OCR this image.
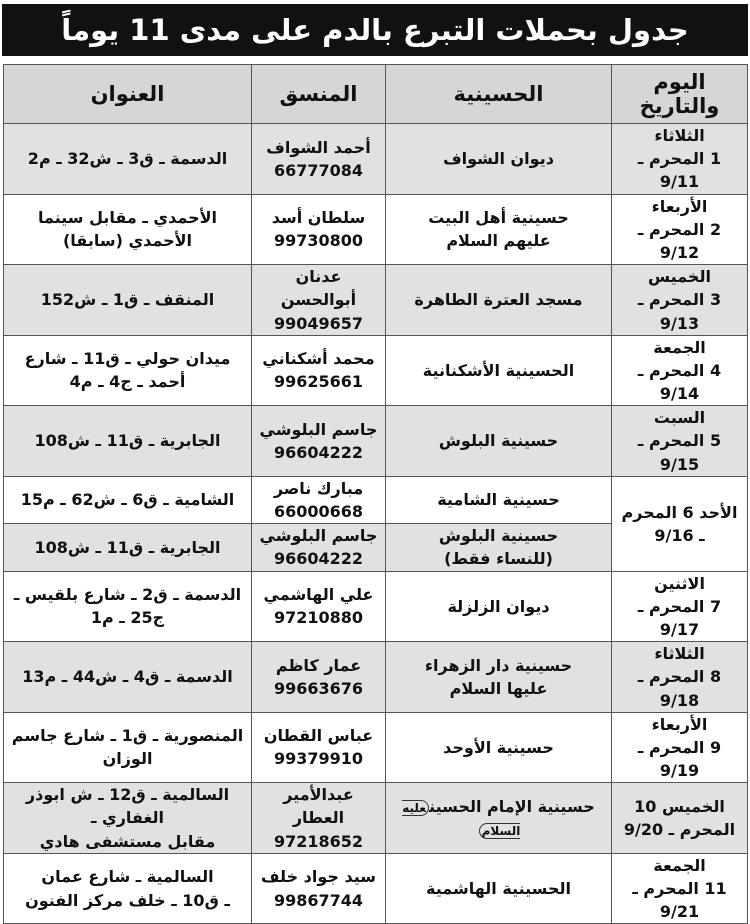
جدول بحملات التبرع بالدم على مدى 11 يوماً
اليوم والتاريخ	الحسينية	المنسق	العنوان

الثلاثاء
1 المحرم ـ 9/11	ديوان الشواف	أحمد الشواف
66777084	الدسمة ـ ق3 ـ ش32 ـ م2

الأربعاء
2 المحرم ـ 9/12	حسينية أهل البيت
عليهم السلام	سلطان أسد
99730800	الأحمدي ـ مقابل سينما
الأحمدي (سابقا)

الخميس
3 المحرم ـ 9/13	مسجد العترة الطاهرة	عدنان أبوالحسن
99049657	المنقف ـ ق1 ـ ش152

الجمعة
4 المحرم ـ 9/14	الحسينية الأشكنانية	محمد أشكناني
99625661	ميدان حولي ـ ق11 ـ شارع
أحمد ـ ج4 ـ م4

السبت
5 المحرم ـ 9/15	حسينية البلوش	جاسم البلوشي
96604222	الجابرية ـ ق11 ـ ش108

الأحد 6 المحرم
ـ 9/16	حسينية الشامية	مبارك ناصر
66000668	الشامية ـ ق6 ـ ش62 ـ م15

	حسينية البلوش
(للنساء فقط)	جاسم البلوشي
96604222	الجابرية ـ ق11 ـ ش108

الاثنين
7 المحرم ـ 9/17	ديوان الزلزلة	علي الهاشمي
97210880	الدسمة ـ ق2 ـ شارع بلقيس ـ
ج25 ـ م1

الثلاثاء
8 المحرم ـ 9/18	حسينية دار الزهراء
عليها السلام	عمار كاظم
99663676	الدسمة ـ ق4 ـ ش44 ـ م13

الأربعاء
9 المحرم ـ 9/19	حسينية الأوحد	عباس القطان
99379910	المنصورية ـ ق1 ـ شارع جاسم
الوزان

الخميس 10
المحرم ـ 9/20	حسينية الإمام الحسينعليه السلام	عبدالأمير العطار
97218652	السالمية ـ ق12 ـ ش ابوذر الغفاري ـ
مقابل مستشفى هادي

الجمعة
11 المحرم ـ 9/21	الحسينية الهاشمية	سيد جواد خلف
99867744	السالمية ـ شارع عمان
ـ ق10 ـ خلف مركز الفنون
